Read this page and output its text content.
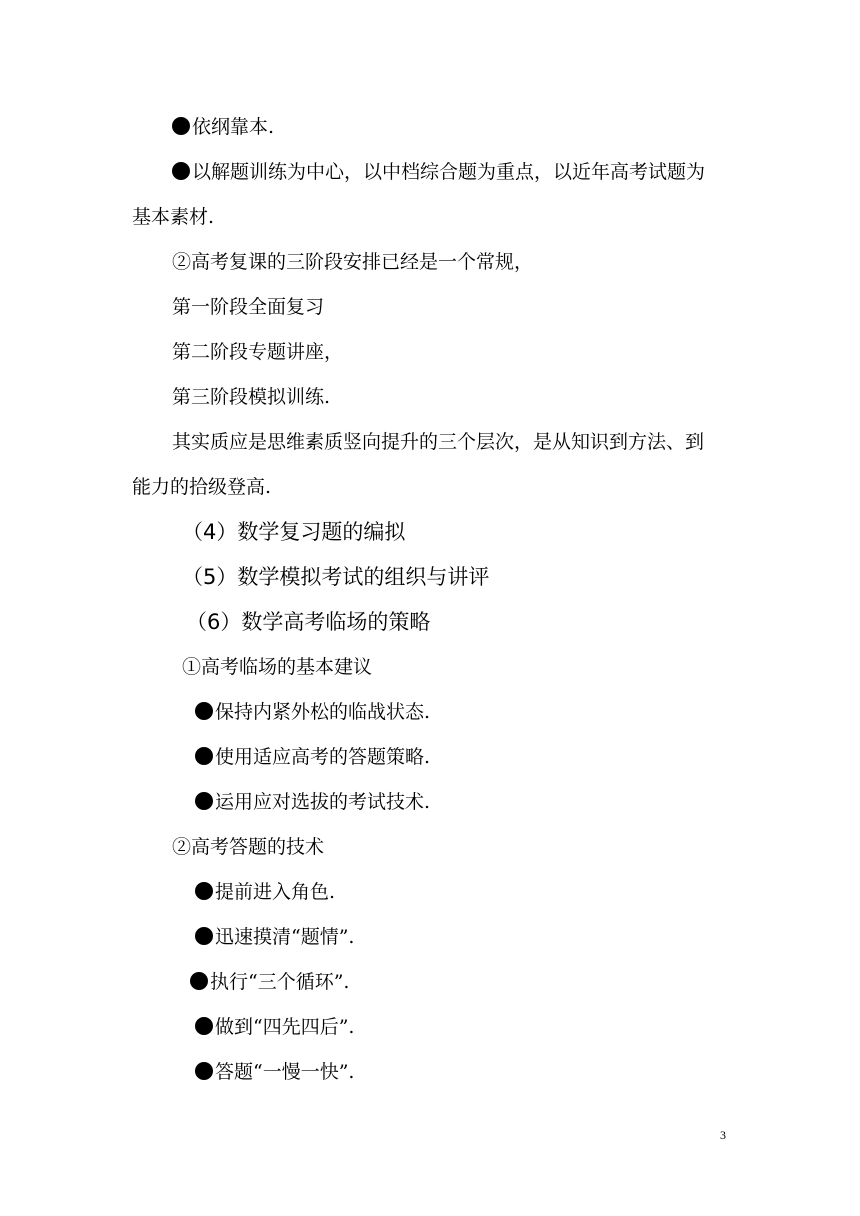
依纲靠本.
以解题训练为中心，以中档综合题为重点，以近年高考试题为
基本素材.
②高考复课的三阶段安排已经是一个常规，
第一阶段全面复习
第二阶段专题讲座，
第三阶段模拟训练.
其实质应是思维素质竖向提升的三个层次，是从知识到方法、到
能力的拾级登高.
（4）数学复习题的编拟
（5）数学模拟考试的组织与讲评
（6）数学高考临场的策略
①高考临场的基本建议
保持内紧外松的临战状态.
使用适应高考的答题策略.
运用应对选拔的考试技术.
②高考答题的技术
提前进入角色.
迅速摸清“题情”.
执行“三个循环”.
做到“四先四后”.
答题“一慢一快”.
3
